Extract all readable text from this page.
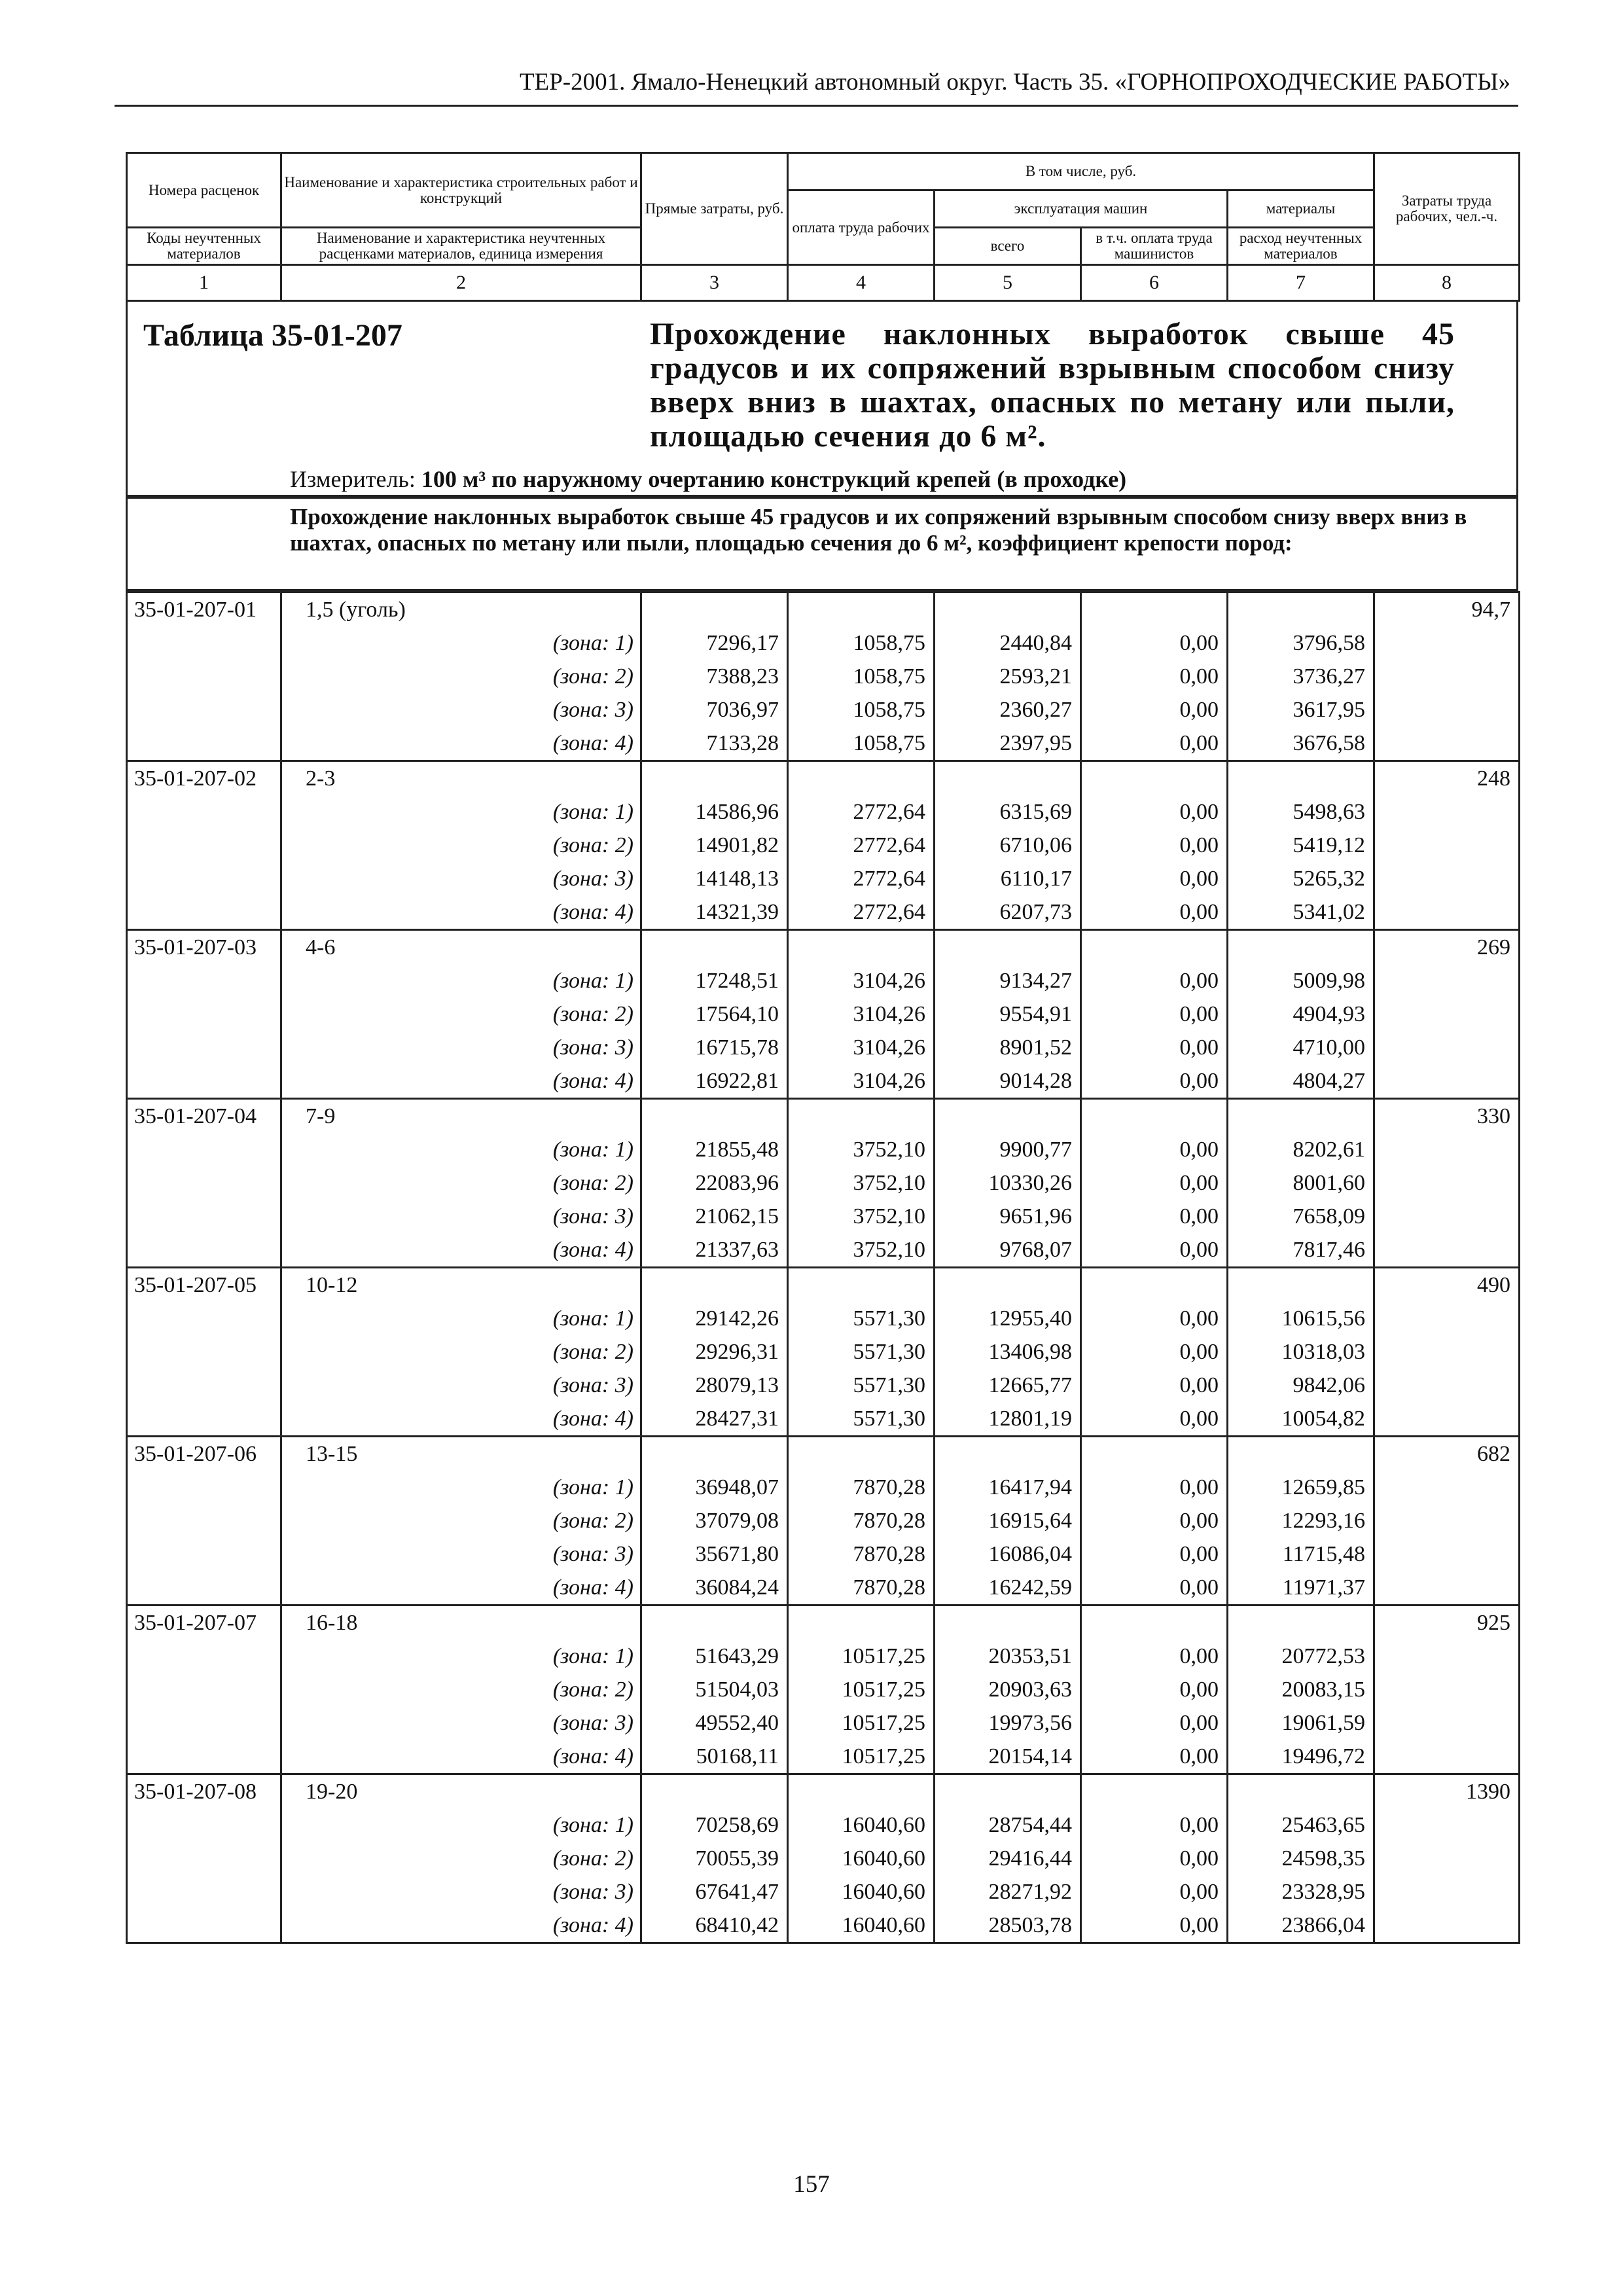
ТЕР-2001. Ямало-Ненецкий автономный округ. Часть 35. «ГОРНОПРОХОДЧЕСКИЕ РАБОТЫ»
Номера расценок	Наименование и характеристика строительных работ и конструкций	Прямые затраты, руб.	В том числе, руб.				Затраты труда рабочих, чел.-ч.
			оплата труда рабочих	эксплуатация машин		материалы	
Коды неучтенных материалов	Наименование и характеристика неучтенных расценками материалов, единица измерения			всего	в т.ч. оплата труда машинистов	расход неучтенных материалов	
1	2	3	4	5	6	7	8
Таблица 35-01-207	Прохождение наклонных выработок свыше 45 градусов и их сопряжений взрывным способом снизу вверх вниз в шахтах, опасных по метану или пыли, площадью сечения до 6 м².
Измеритель: 100 м³ по наружному очертанию конструкций крепей (в проходке)
Прохождение наклонных выработок свыше 45 градусов и их сопряжений взрывным способом снизу вверх вниз в шахтах, опасных по метану или пыли, площадью сечения до 6 м², коэффициент крепости пород:
35-01-207-01	1,5 (уголь)						94,7
	(зона: 1)	7296,17	1058,75	2440,84	0,00	3796,58	
	(зона: 2)	7388,23	1058,75	2593,21	0,00	3736,27	
	(зона: 3)	7036,97	1058,75	2360,27	0,00	3617,95	
	(зона: 4)	7133,28	1058,75	2397,95	0,00	3676,58	
35-01-207-02	2-3						248
	(зона: 1)	14586,96	2772,64	6315,69	0,00	5498,63	
	(зона: 2)	14901,82	2772,64	6710,06	0,00	5419,12	
	(зона: 3)	14148,13	2772,64	6110,17	0,00	5265,32	
	(зона: 4)	14321,39	2772,64	6207,73	0,00	5341,02	
35-01-207-03	4-6						269
	(зона: 1)	17248,51	3104,26	9134,27	0,00	5009,98	
	(зона: 2)	17564,10	3104,26	9554,91	0,00	4904,93	
	(зона: 3)	16715,78	3104,26	8901,52	0,00	4710,00	
	(зона: 4)	16922,81	3104,26	9014,28	0,00	4804,27	
35-01-207-04	7-9						330
	(зона: 1)	21855,48	3752,10	9900,77	0,00	8202,61	
	(зона: 2)	22083,96	3752,10	10330,26	0,00	8001,60	
	(зона: 3)	21062,15	3752,10	9651,96	0,00	7658,09	
	(зона: 4)	21337,63	3752,10	9768,07	0,00	7817,46	
35-01-207-05	10-12						490
	(зона: 1)	29142,26	5571,30	12955,40	0,00	10615,56	
	(зона: 2)	29296,31	5571,30	13406,98	0,00	10318,03	
	(зона: 3)	28079,13	5571,30	12665,77	0,00	9842,06	
	(зона: 4)	28427,31	5571,30	12801,19	0,00	10054,82	
35-01-207-06	13-15						682
	(зона: 1)	36948,07	7870,28	16417,94	0,00	12659,85	
	(зона: 2)	37079,08	7870,28	16915,64	0,00	12293,16	
	(зона: 3)	35671,80	7870,28	16086,04	0,00	11715,48	
	(зона: 4)	36084,24	7870,28	16242,59	0,00	11971,37	
35-01-207-07	16-18						925
	(зона: 1)	51643,29	10517,25	20353,51	0,00	20772,53	
	(зона: 2)	51504,03	10517,25	20903,63	0,00	20083,15	
	(зона: 3)	49552,40	10517,25	19973,56	0,00	19061,59	
	(зона: 4)	50168,11	10517,25	20154,14	0,00	19496,72	
35-01-207-08	19-20						1390
	(зона: 1)	70258,69	16040,60	28754,44	0,00	25463,65	
	(зона: 2)	70055,39	16040,60	29416,44	0,00	24598,35	
	(зона: 3)	67641,47	16040,60	28271,92	0,00	23328,95	
	(зона: 4)	68410,42	16040,60	28503,78	0,00	23866,04	
157
